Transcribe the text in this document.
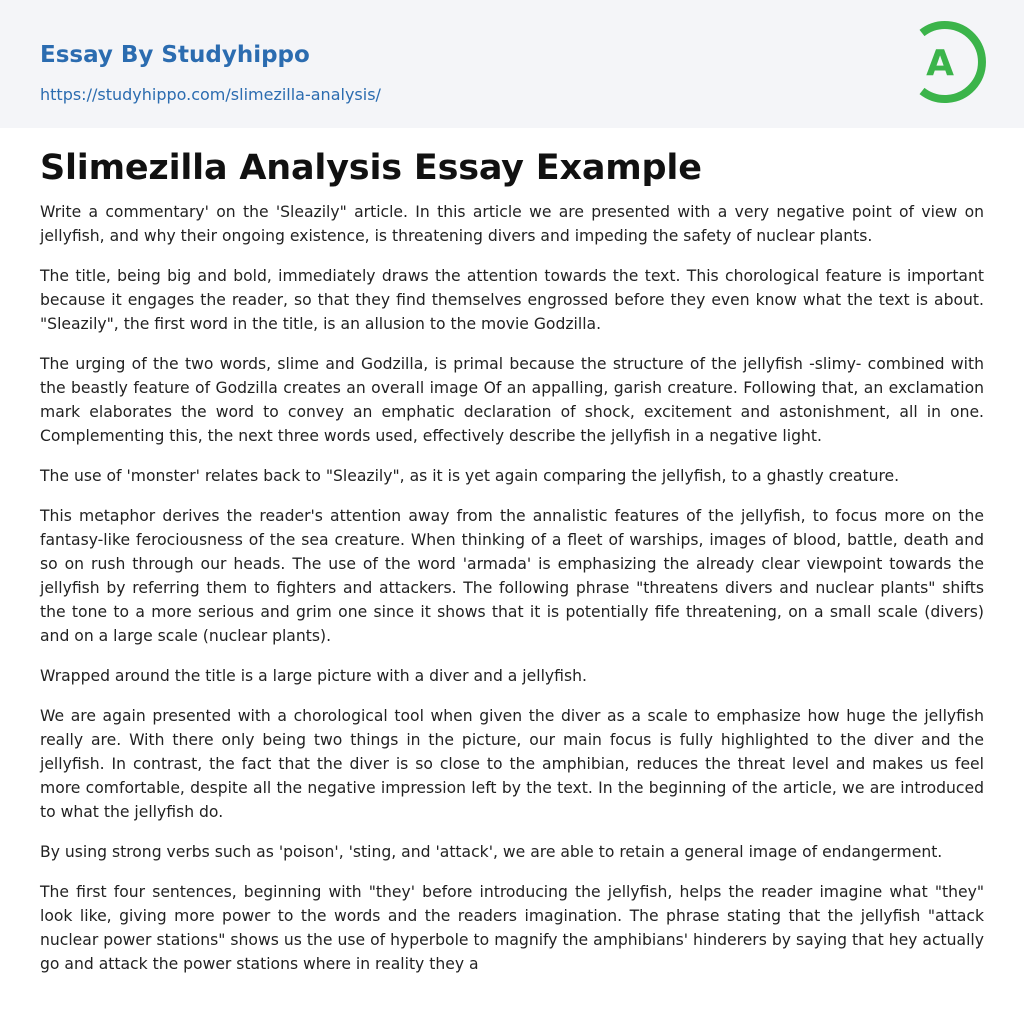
Essay By Studyhippo
https://studyhippo.com/slimezilla-analysis/
A
Slimezilla Analysis Essay Example

Write a commentary' on the 'Sleazily" article. In this article we are presented with a very negative point of view on jellyfish, and why their ongoing existence, is threatening divers and impeding the safety of nuclear plants.

The title, being big and bold, immediately draws the attention towards the text. This chorological feature is important because it engages the reader, so that they find themselves engrossed before they even know what the text is about. "Sleazily", the first word in the title, is an allusion to the movie Godzilla.

The urging of the two words, slime and Godzilla, is primal because the structure of the jellyfish -slimy- combined with the beastly feature of Godzilla creates an overall image Of an appalling, garish creature. Following that, an exclamation mark elaborates the word to convey an emphatic declaration of shock, excitement and astonishment, all in one. Complementing this, the next three words used, effectively describe the jellyfish in a negative light.

The use of 'monster' relates back to "Sleazily", as it is yet again comparing the jellyfish, to a ghastly creature.

This metaphor derives the reader's attention away from the annalistic features of the jellyfish, to focus more on the fantasy-like ferociousness of the sea creature. When thinking of a fleet of warships, images of blood, battle, death and so on rush through our heads. The use of the word 'armada' is emphasizing the already clear viewpoint towards the jellyfish by referring them to fighters and attackers. The following phrase "threatens divers and nuclear plants" shifts the tone to a more serious and grim one since it shows that it is potentially fife threatening, on a small scale (divers) and on a large scale (nuclear plants).

Wrapped around the title is a large picture with a diver and a jellyfish.

We are again presented with a chorological tool when given the diver as a scale to emphasize how huge the jellyfish really are. With there only being two things in the picture, our main focus is fully highlighted to the diver and the jellyfish. In contrast, the fact that the diver is so close to the amphibian, reduces the threat level and makes us feel more comfortable, despite all the negative impression left by the text. In the beginning of the article, we are introduced to what the jellyfish do.

By using strong verbs such as 'poison', 'sting, and 'attack', we are able to retain a general image of endangerment.

The first four sentences, beginning with "they' before introducing the jellyfish, helps the reader imagine what "they" look like, giving more power to the words and the readers imagination. The phrase stating that the jellyfish "attack nuclear power stations" shows us the use of hyperbole to magnify the amphibians' hinderers by saying that hey actually go and attack the power stations where in reality they a
